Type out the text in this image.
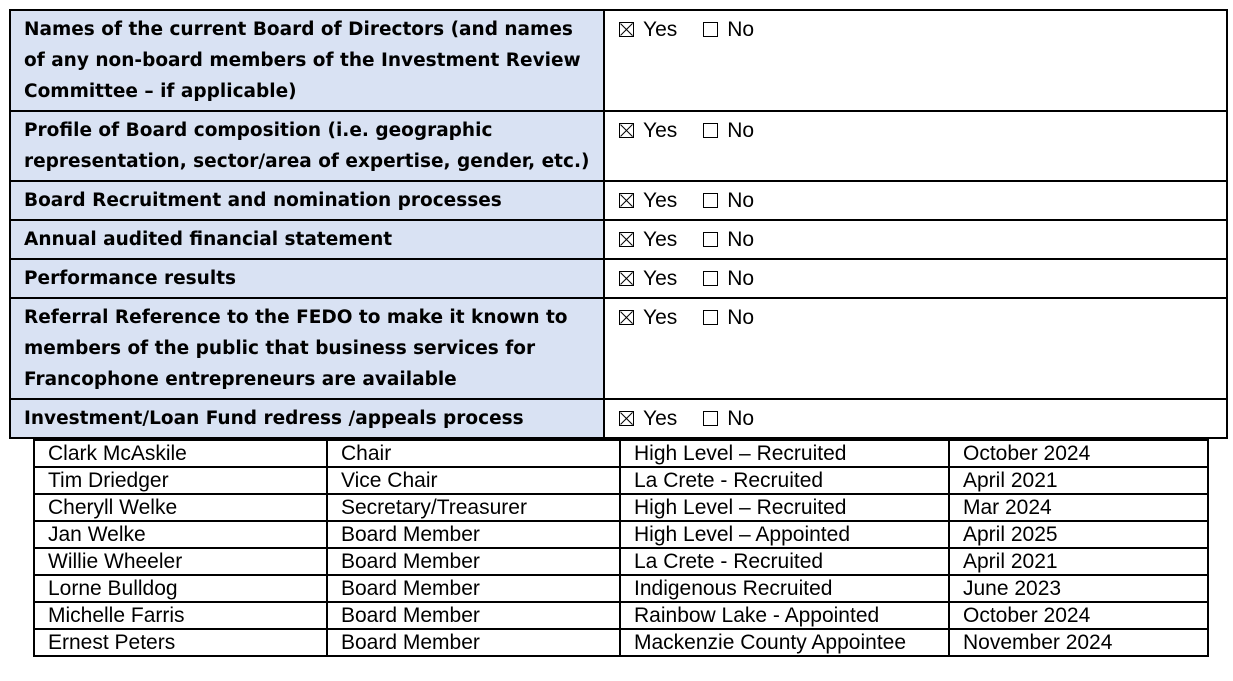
Names of the current Board of Directors (and names of any non-board members of the Investment Review Committee – if applicable)	Yes No

Profile of Board composition (i.e. geographic representation, sector/area of expertise, gender, etc.)	Yes No

Board Recruitment and nomination processes	Yes No

Annual audited financial statement	Yes No

Performance results	Yes No

Referral Reference to the FEDO to make it known to members of the public that business services for Francophone entrepreneurs are available	Yes No

Investment/Loan Fund redress /appeals process	Yes No
Clark McAskile	Chair	High Level – Recruited	October 2024
Tim Driedger	Vice Chair	La Crete - Recruited	April 2021
Cheryll Welke	Secretary/Treasurer	High Level – Recruited	Mar 2024
Jan Welke	Board Member	High Level – Appointed	April 2025
Willie Wheeler	Board Member	La Crete - Recruited	April 2021
Lorne Bulldog	Board Member	Indigenous Recruited	June 2023
Michelle Farris	Board Member	Rainbow Lake - Appointed	October 2024
Ernest Peters	Board Member	Mackenzie County Appointee	November 2024
